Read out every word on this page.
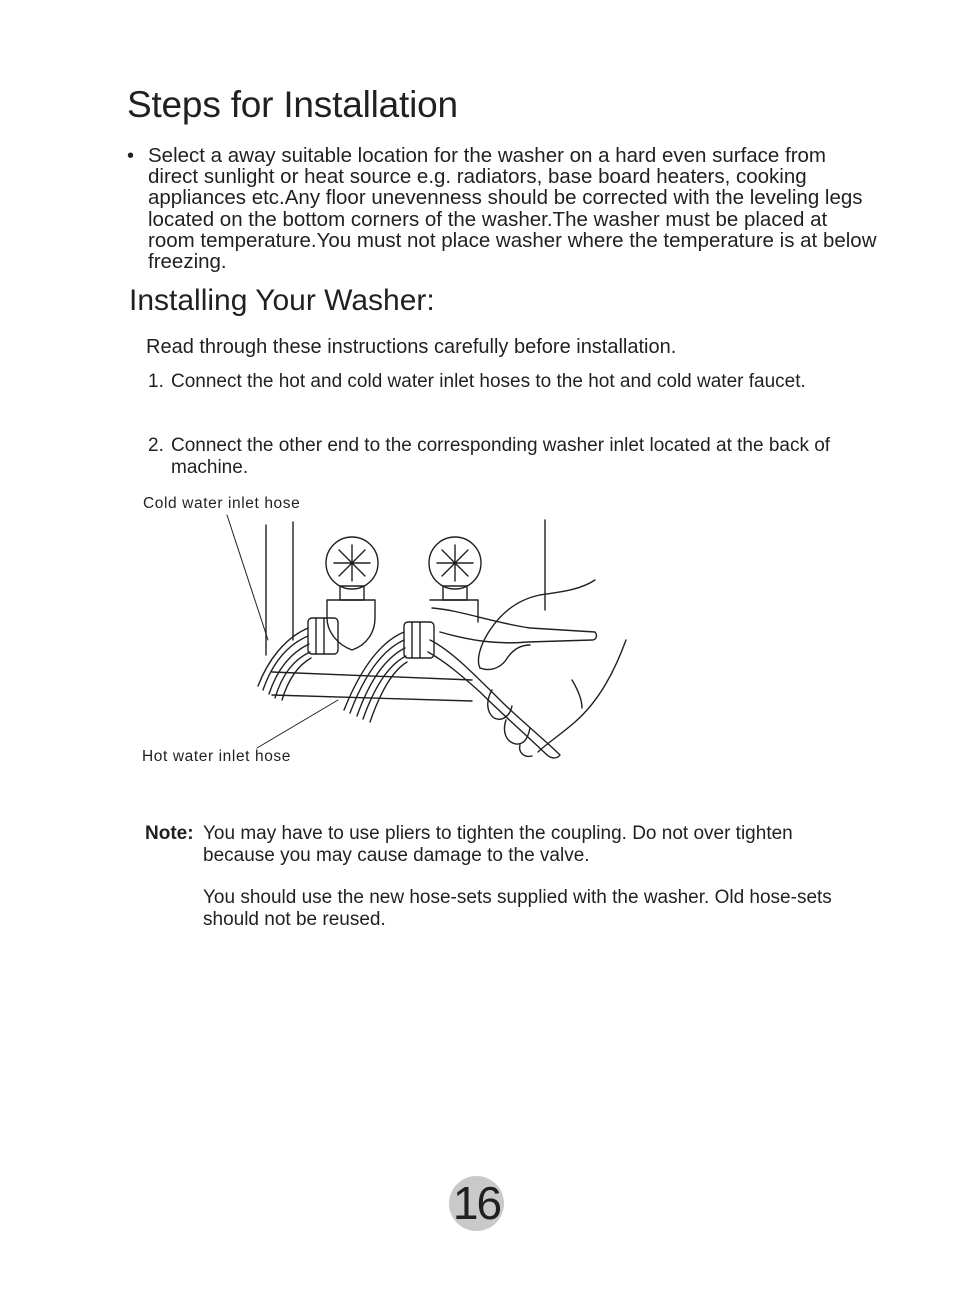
Steps for Installation
• Select a away suitable location for the washer on a hard even surface from direct sunlight or heat source e.g. radiators, base board heaters, cooking appliances etc.Any floor unevenness should be corrected with the leveling legs located on the bottom corners of the washer.The washer must be placed at room temperature.You must not place washer where the temperature is at below freezing.
Installing Your Washer:
Read through these instructions carefully before installation.
1. Connect the hot and cold water inlet hoses to the hot and cold water faucet.
2. Connect the other end to the corresponding washer inlet located at the back of machine.
Cold water inlet hose
Hot water inlet hose
Note: You may have to use pliers to tighten the coupling. Do not over tighten because you may cause damage to the valve.
You should use the new hose-sets supplied with the washer. Old hose-sets should not be reused.
16
